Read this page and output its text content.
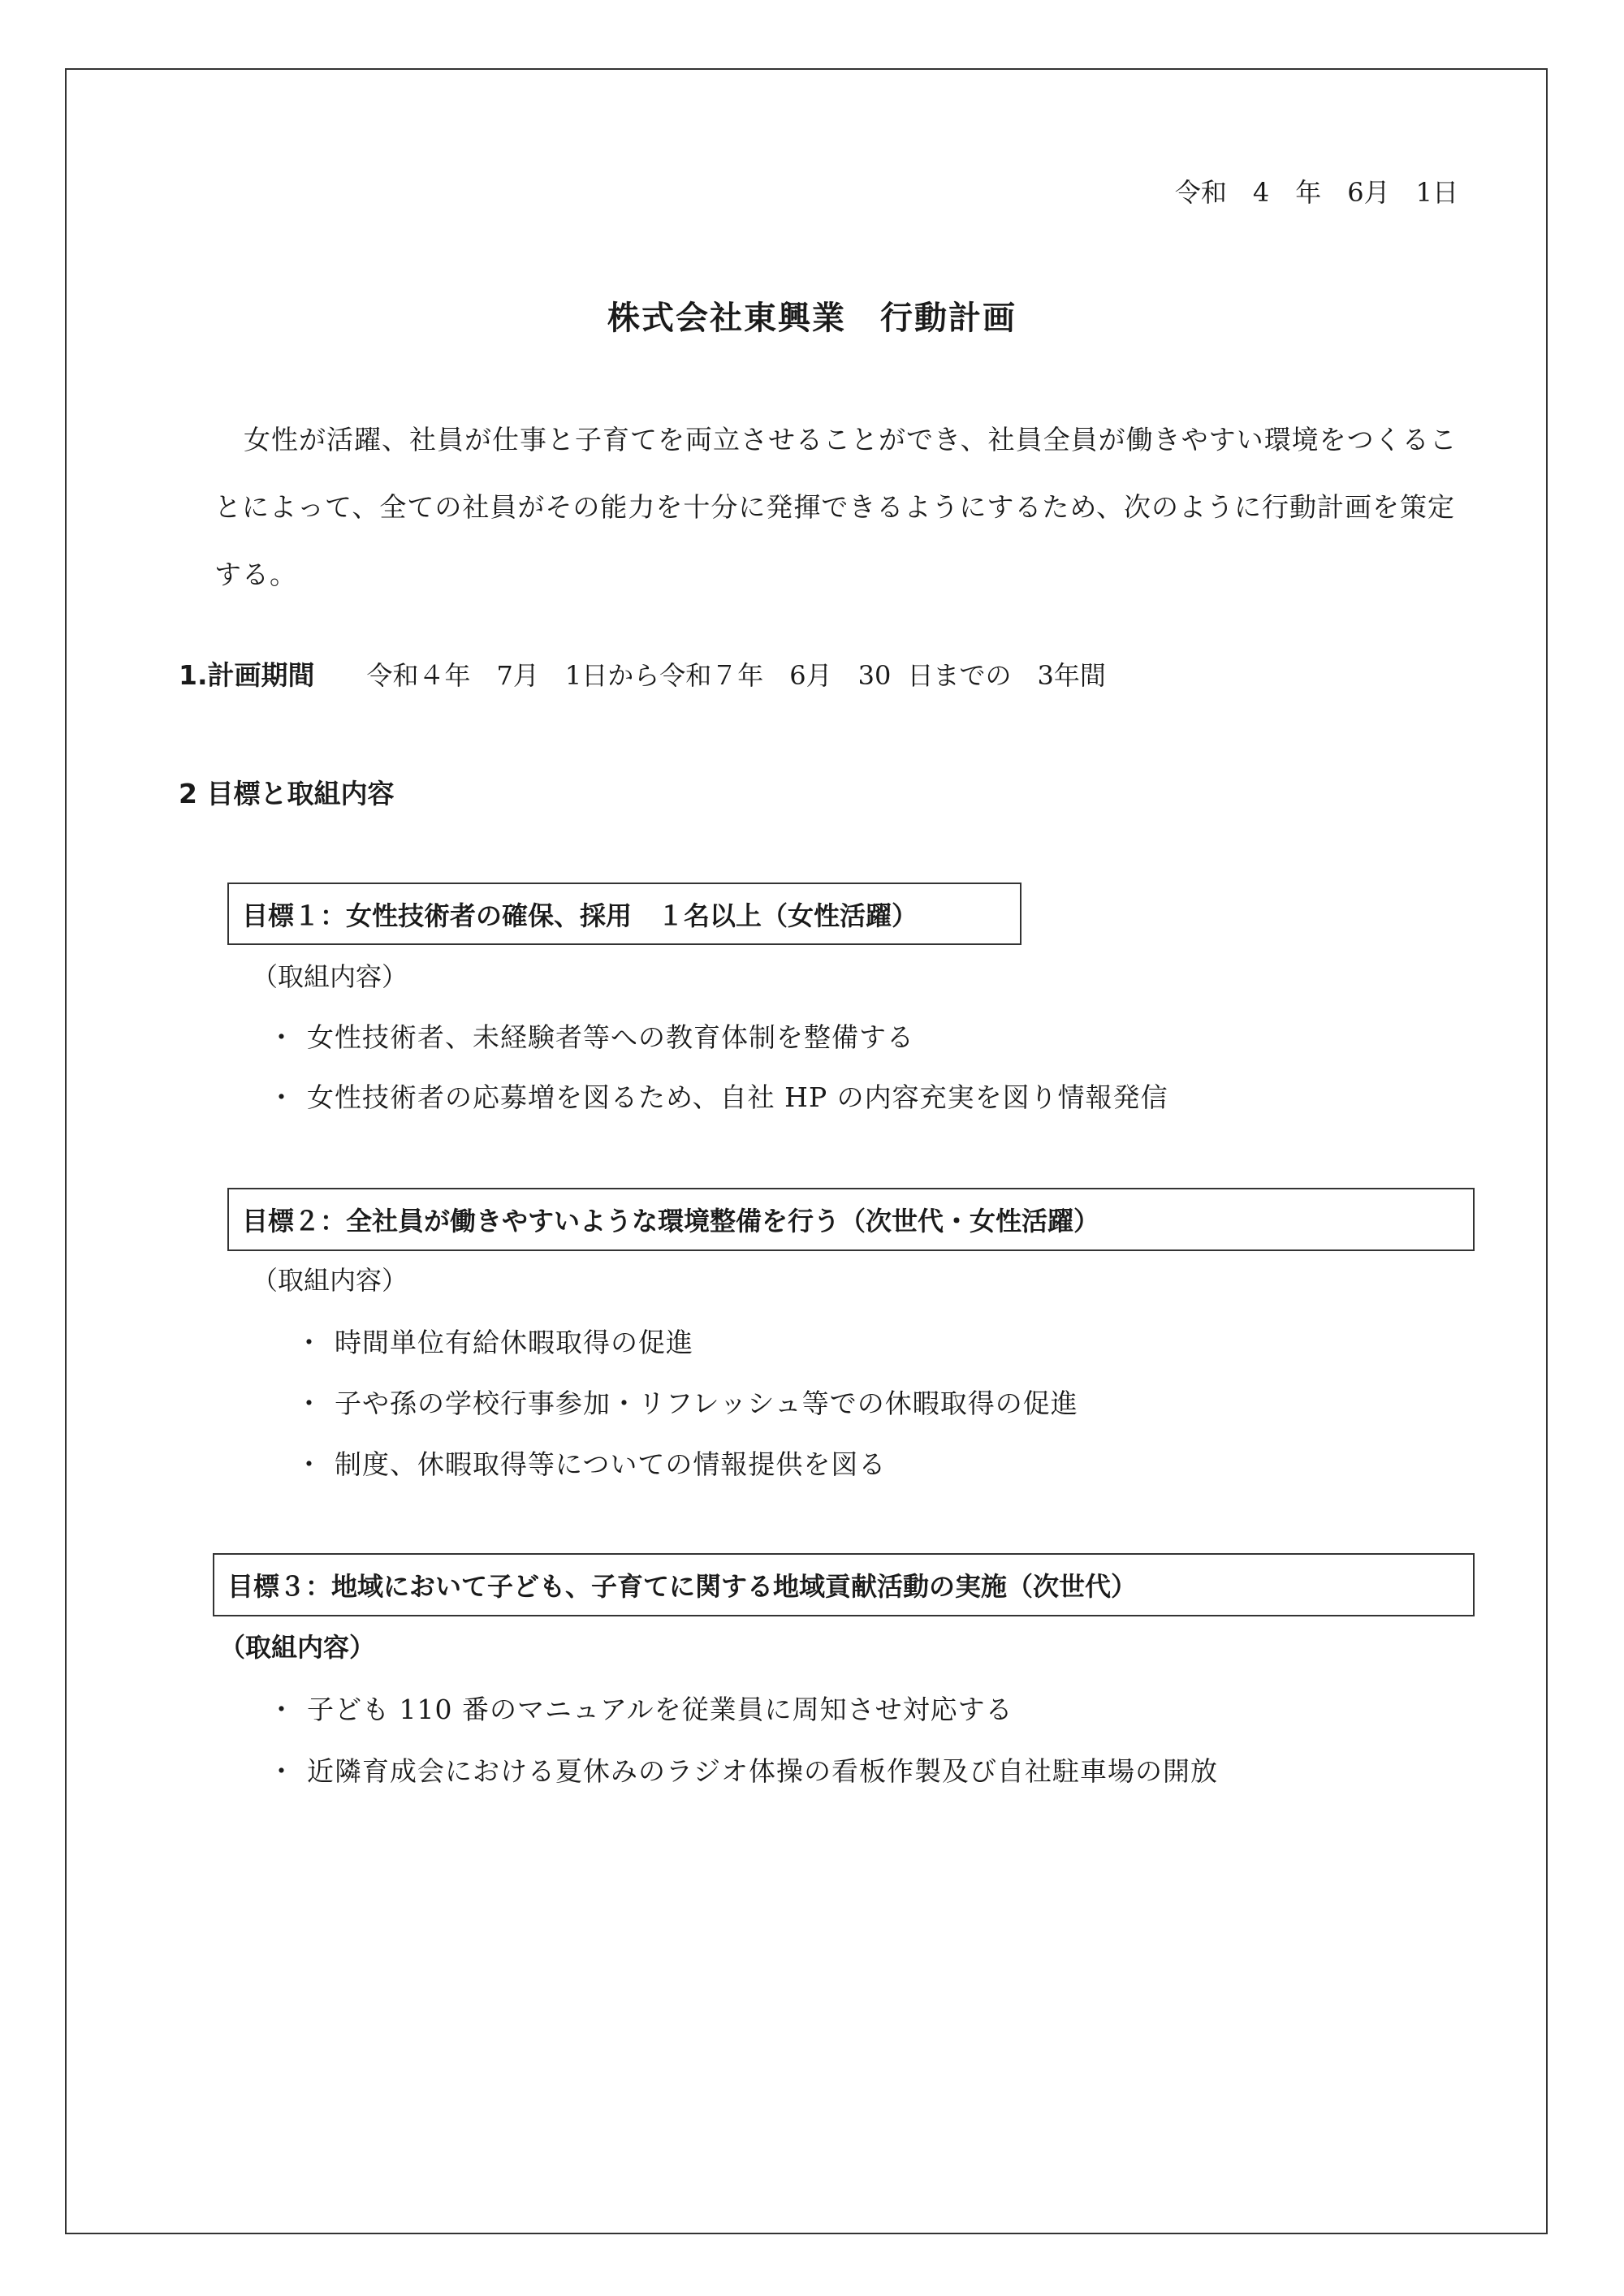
令和　4　年　6月　1日
株式会社東興業　行動計画
女性が活躍、社員が仕事と子育てを両立させることができ、社員全員が働きやすい環境をつくることによって、全ての社員がその能力を十分に発揮できるようにするため、次のように行動計画を策定する。
1.計画期間 令和４年　7月　1日から令和７年　6月　30 日までの　3年間
2 目標と取組内容
目標１：女性技術者の確保、採用　１名以上（女性活躍）
（取組内容）
・ 女性技術者、未経験者等への教育体制を整備する
・ 女性技術者の応募増を図るため、自社 HP の内容充実を図り情報発信
目標２：全社員が働きやすいような環境整備を行う（次世代・女性活躍）
（取組内容）
・ 時間単位有給休暇取得の促進
・ 子や孫の学校行事参加・リフレッシュ等での休暇取得の促進
・ 制度、休暇取得等についての情報提供を図る
目標３：地域において子ども、子育てに関する地域貢献活動の実施（次世代）
（取組内容）
・ 子ども 110 番のマニュアルを従業員に周知させ対応する
・ 近隣育成会における夏休みのラジオ体操の看板作製及び自社駐車場の開放
